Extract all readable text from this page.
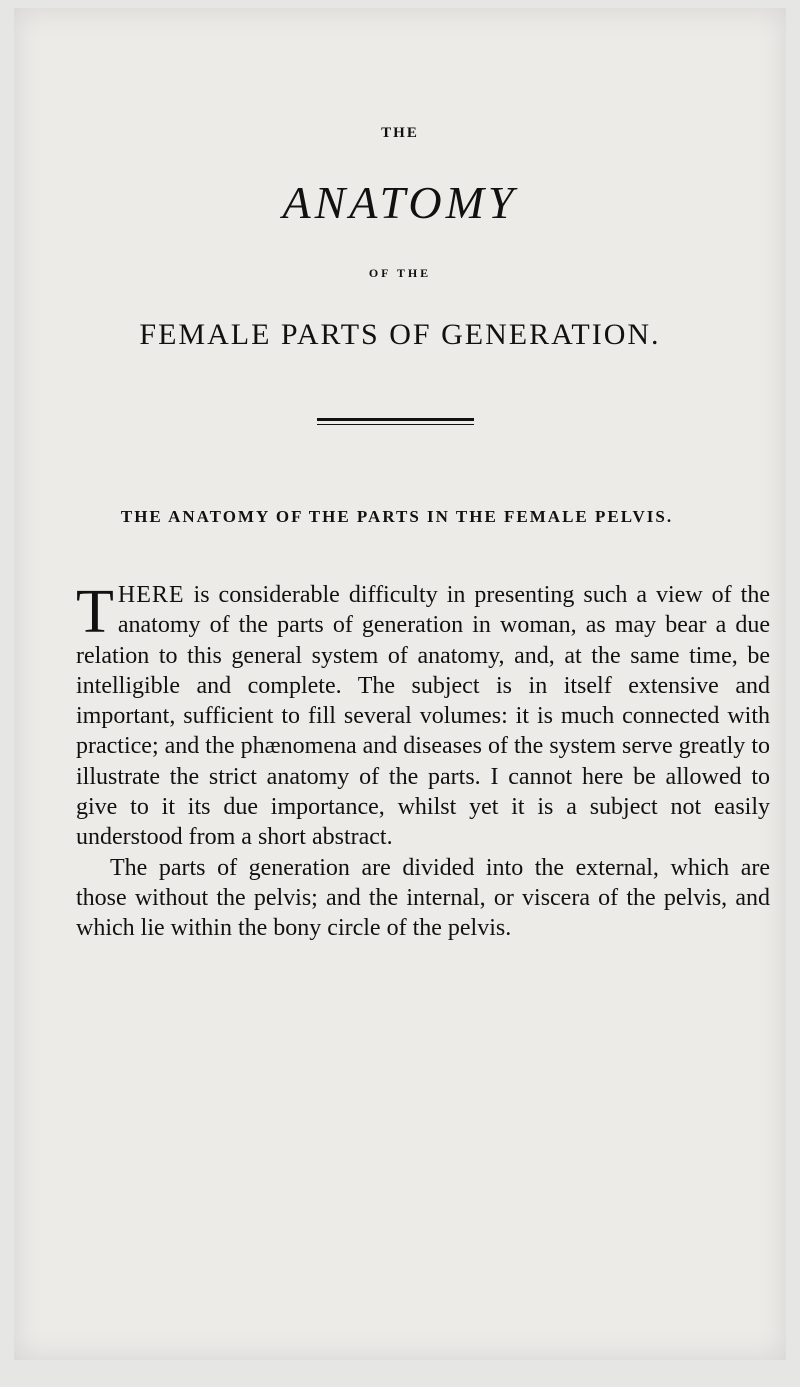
THE
ANATOMY
OF THE
FEMALE PARTS OF GENERATION.
THE ANATOMY OF THE PARTS IN THE FEMALE PELVIS.

THERE is considerable difficulty in presenting such a view of the anatomy of the parts of generation in woman, as may bear a due relation to this general system of anatomy, and, at the same time, be intelligible and complete. The subject is in itself extensive and important, sufficient to fill several volumes: it is much connected with practice; and the phænomena and diseases of the system serve greatly to illustrate the strict anatomy of the parts. I cannot here be allowed to give to it its due importance, whilst yet it is a subject not easily understood from a short abstract.

The parts of generation are divided into the external, which are those without the pelvis; and the internal, or viscera of the pelvis, and which lie within the bony circle of the pelvis.
